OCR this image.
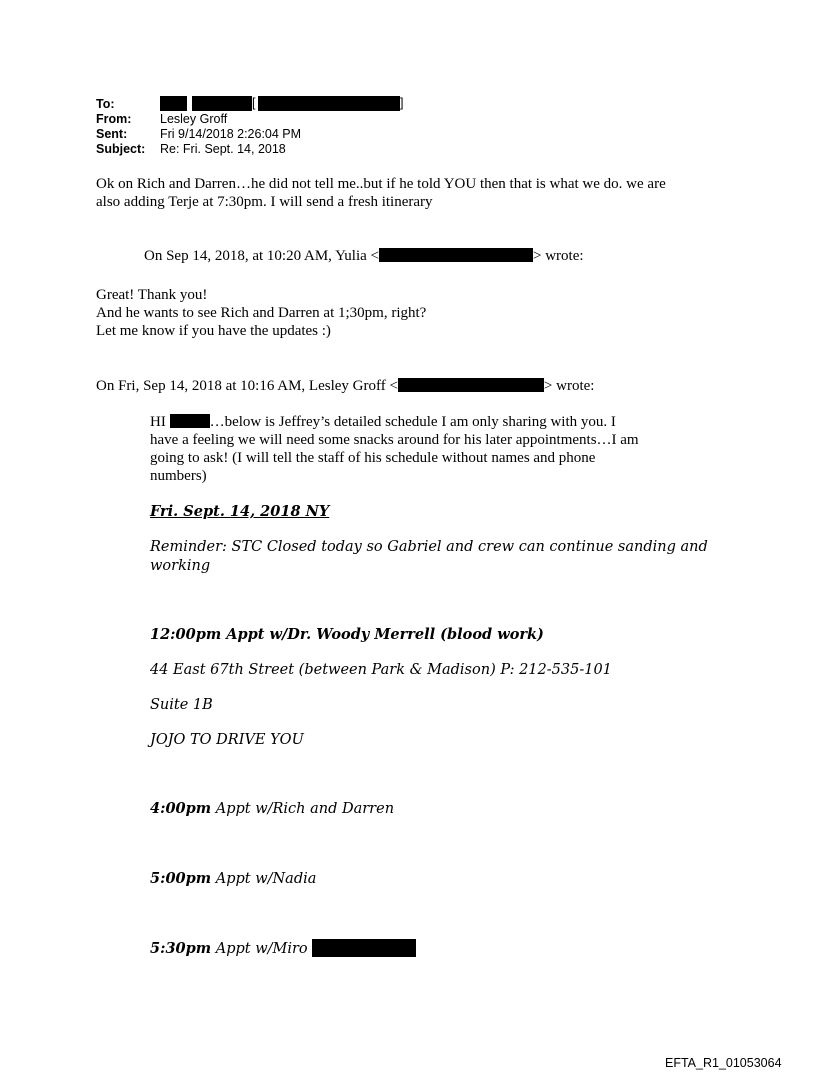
To:	[	]
From: Lesley Groff
Sent:	Fri 9/14/2018 2:26:04 PM
Subject: Re: Fri. Sept. 14, 2018
Ok on Rich and Darren…he did not tell me..but if he told YOU then that is what we do. we are
also adding Terje at 7:30pm. I will send a fresh itinerary
On Sep 14, 2018, at 10:20 AM, Yulia <	> wrote:
Great! Thank you!
And he wants to see Rich and Darren at 1;30pm, right?
Let me know if you have the updates :)
On Fri, Sep 14, 2018 at 10:16 AM, Lesley Groff <	> wrote:
HI	…below is Jeffrey’s detailed schedule I am only sharing with you. I
have a feeling we will need some snacks around for his later appointments…I am
going to ask! (I will tell the staff of his schedule without names and phone
numbers)
Fri. Sept. 14, 2018 NY
Reminder: STC Closed today so Gabriel and crew can continue sanding and
working
12:00pm Appt w/Dr. Woody Merrell (blood work)
44 East 67th Street (between Park & Madison) P: 212-535-101
Suite 1B
JOJO TO DRIVE YOU
4:00pm Appt w/Rich and Darren
5:00pm Appt w/Nadia
5:30pm Appt w/Miro
EFTA_R1_01053064
